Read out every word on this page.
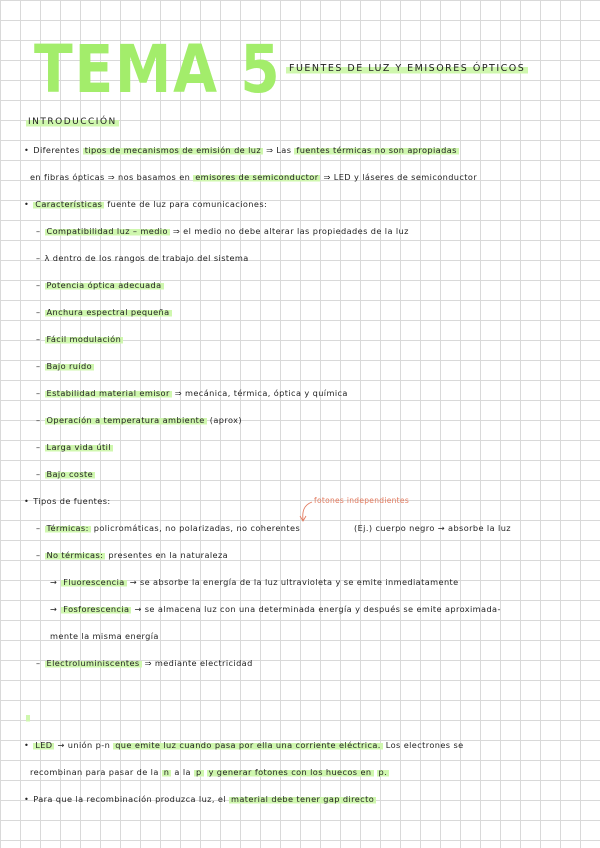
TEMA 5 FUENTES DE LUZ Y EMISORES ÓPTICOS
INTRODUCCIÓN
• Diferentes tipos de mecanismos de emisión de luz ⇒ Las fuentes térmicas no son apropiadas
en fibras ópticas ⇒ nos basamos en emisores de semiconductor ⇒ LED y láseres de semiconductor
• Características fuente de luz para comunicaciones:
– Compatibilidad luz – medio ⇒ el medio no debe alterar las propiedades de la luz
– λ dentro de los rangos de trabajo del sistema
– Potencia óptica adecuada
– Anchura espectral pequeña
– Fácil modulación
– Bajo ruido
– Estabilidad material emisor ⇒ mecánica, térmica, óptica y química
– Operación a temperatura ambiente (aprox)
– Larga vida útil
– Bajo coste
• Tipos de fuentes:	fotones independientes
– Térmicas: policromáticas, no polarizadas, no coherentes	(Ej.) cuerpo negro → absorbe la luz
– No térmicas: presentes en la naturaleza
→ Fluorescencia → se absorbe la energía de la luz ultravioleta y se emite inmediatamente
→ Fosforescencia → se almacena luz con una determinada energía y después se emite aproximada-
mente la misma energía
– Electroluminiscentes ⇒ mediante electricidad
• LED → unión p-n que emite luz cuando pasa por ella una corriente eléctrica. Los electrones se
recombinan para pasar de la n a la p y generar fotones con los huecos en p.
• Para que la recombinación produzca luz, el material debe tener gap directo
